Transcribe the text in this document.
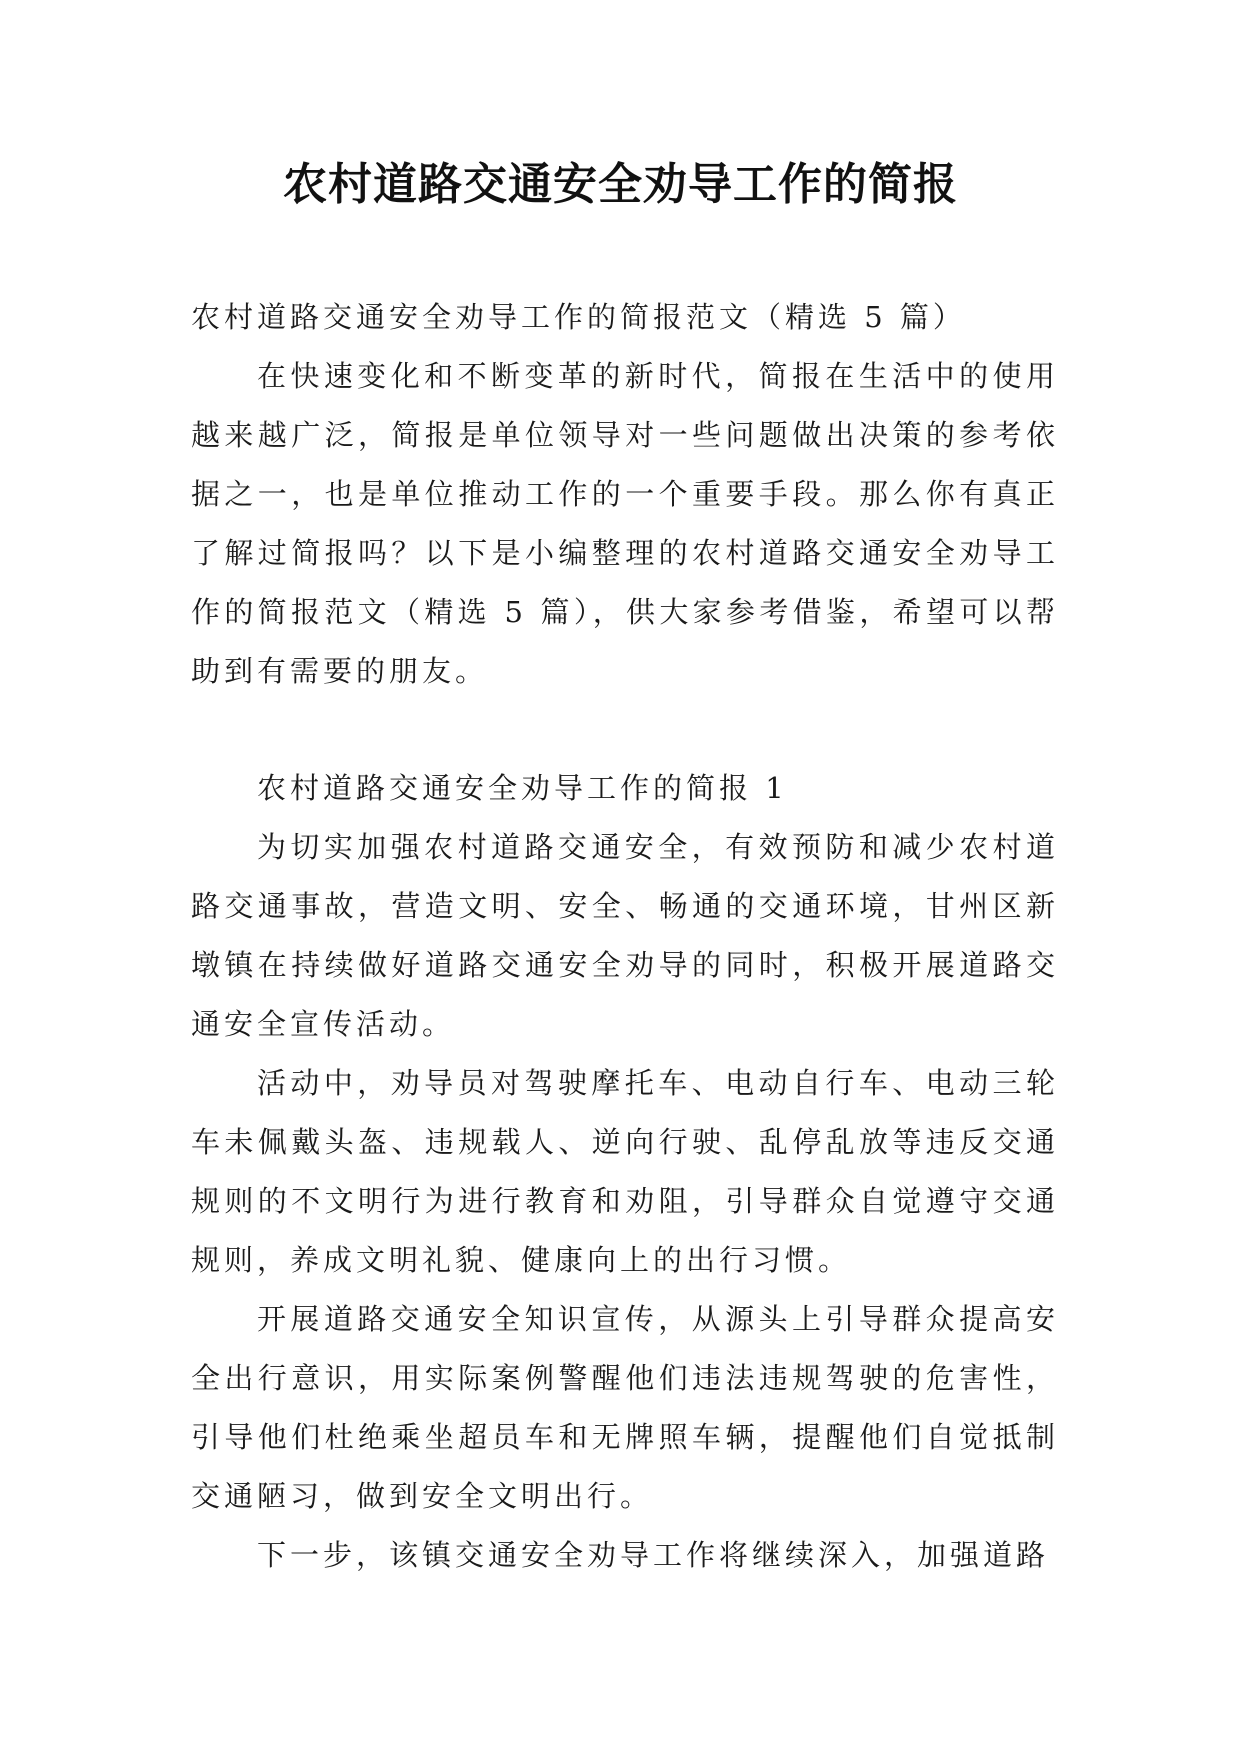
农村道路交通安全劝导工作的简报

农村道路交通安全劝导工作的简报范文（精选 5 篇）

在快速变化和不断变革的新时代，简报在生活中的使用越来越广泛，简报是单位领导对一些问题做出决策的参考依据之一，也是单位推动工作的一个重要手段。那么你有真正了解过简报吗？以下是小编整理的农村道路交通安全劝导工作的简报范文（精选 5 篇），供大家参考借鉴，希望可以帮助到有需要的朋友。

农村道路交通安全劝导工作的简报 1

为切实加强农村道路交通安全，有效预防和减少农村道路交通事故，营造文明、安全、畅通的交通环境，甘州区新墩镇在持续做好道路交通安全劝导的同时，积极开展道路交通安全宣传活动。

活动中，劝导员对驾驶摩托车、电动自行车、电动三轮车未佩戴头盔、违规载人、逆向行驶、乱停乱放等违反交通规则的不文明行为进行教育和劝阻，引导群众自觉遵守交通规则，养成文明礼貌、健康向上的出行习惯。

开展道路交通安全知识宣传，从源头上引导群众提高安全出行意识，用实际案例警醒他们违法违规驾驶的危害性，引导他们杜绝乘坐超员车和无牌照车辆，提醒他们自觉抵制交通陋习，做到安全文明出行。

下一步，该镇交通安全劝导工作将继续深入，加强道路
